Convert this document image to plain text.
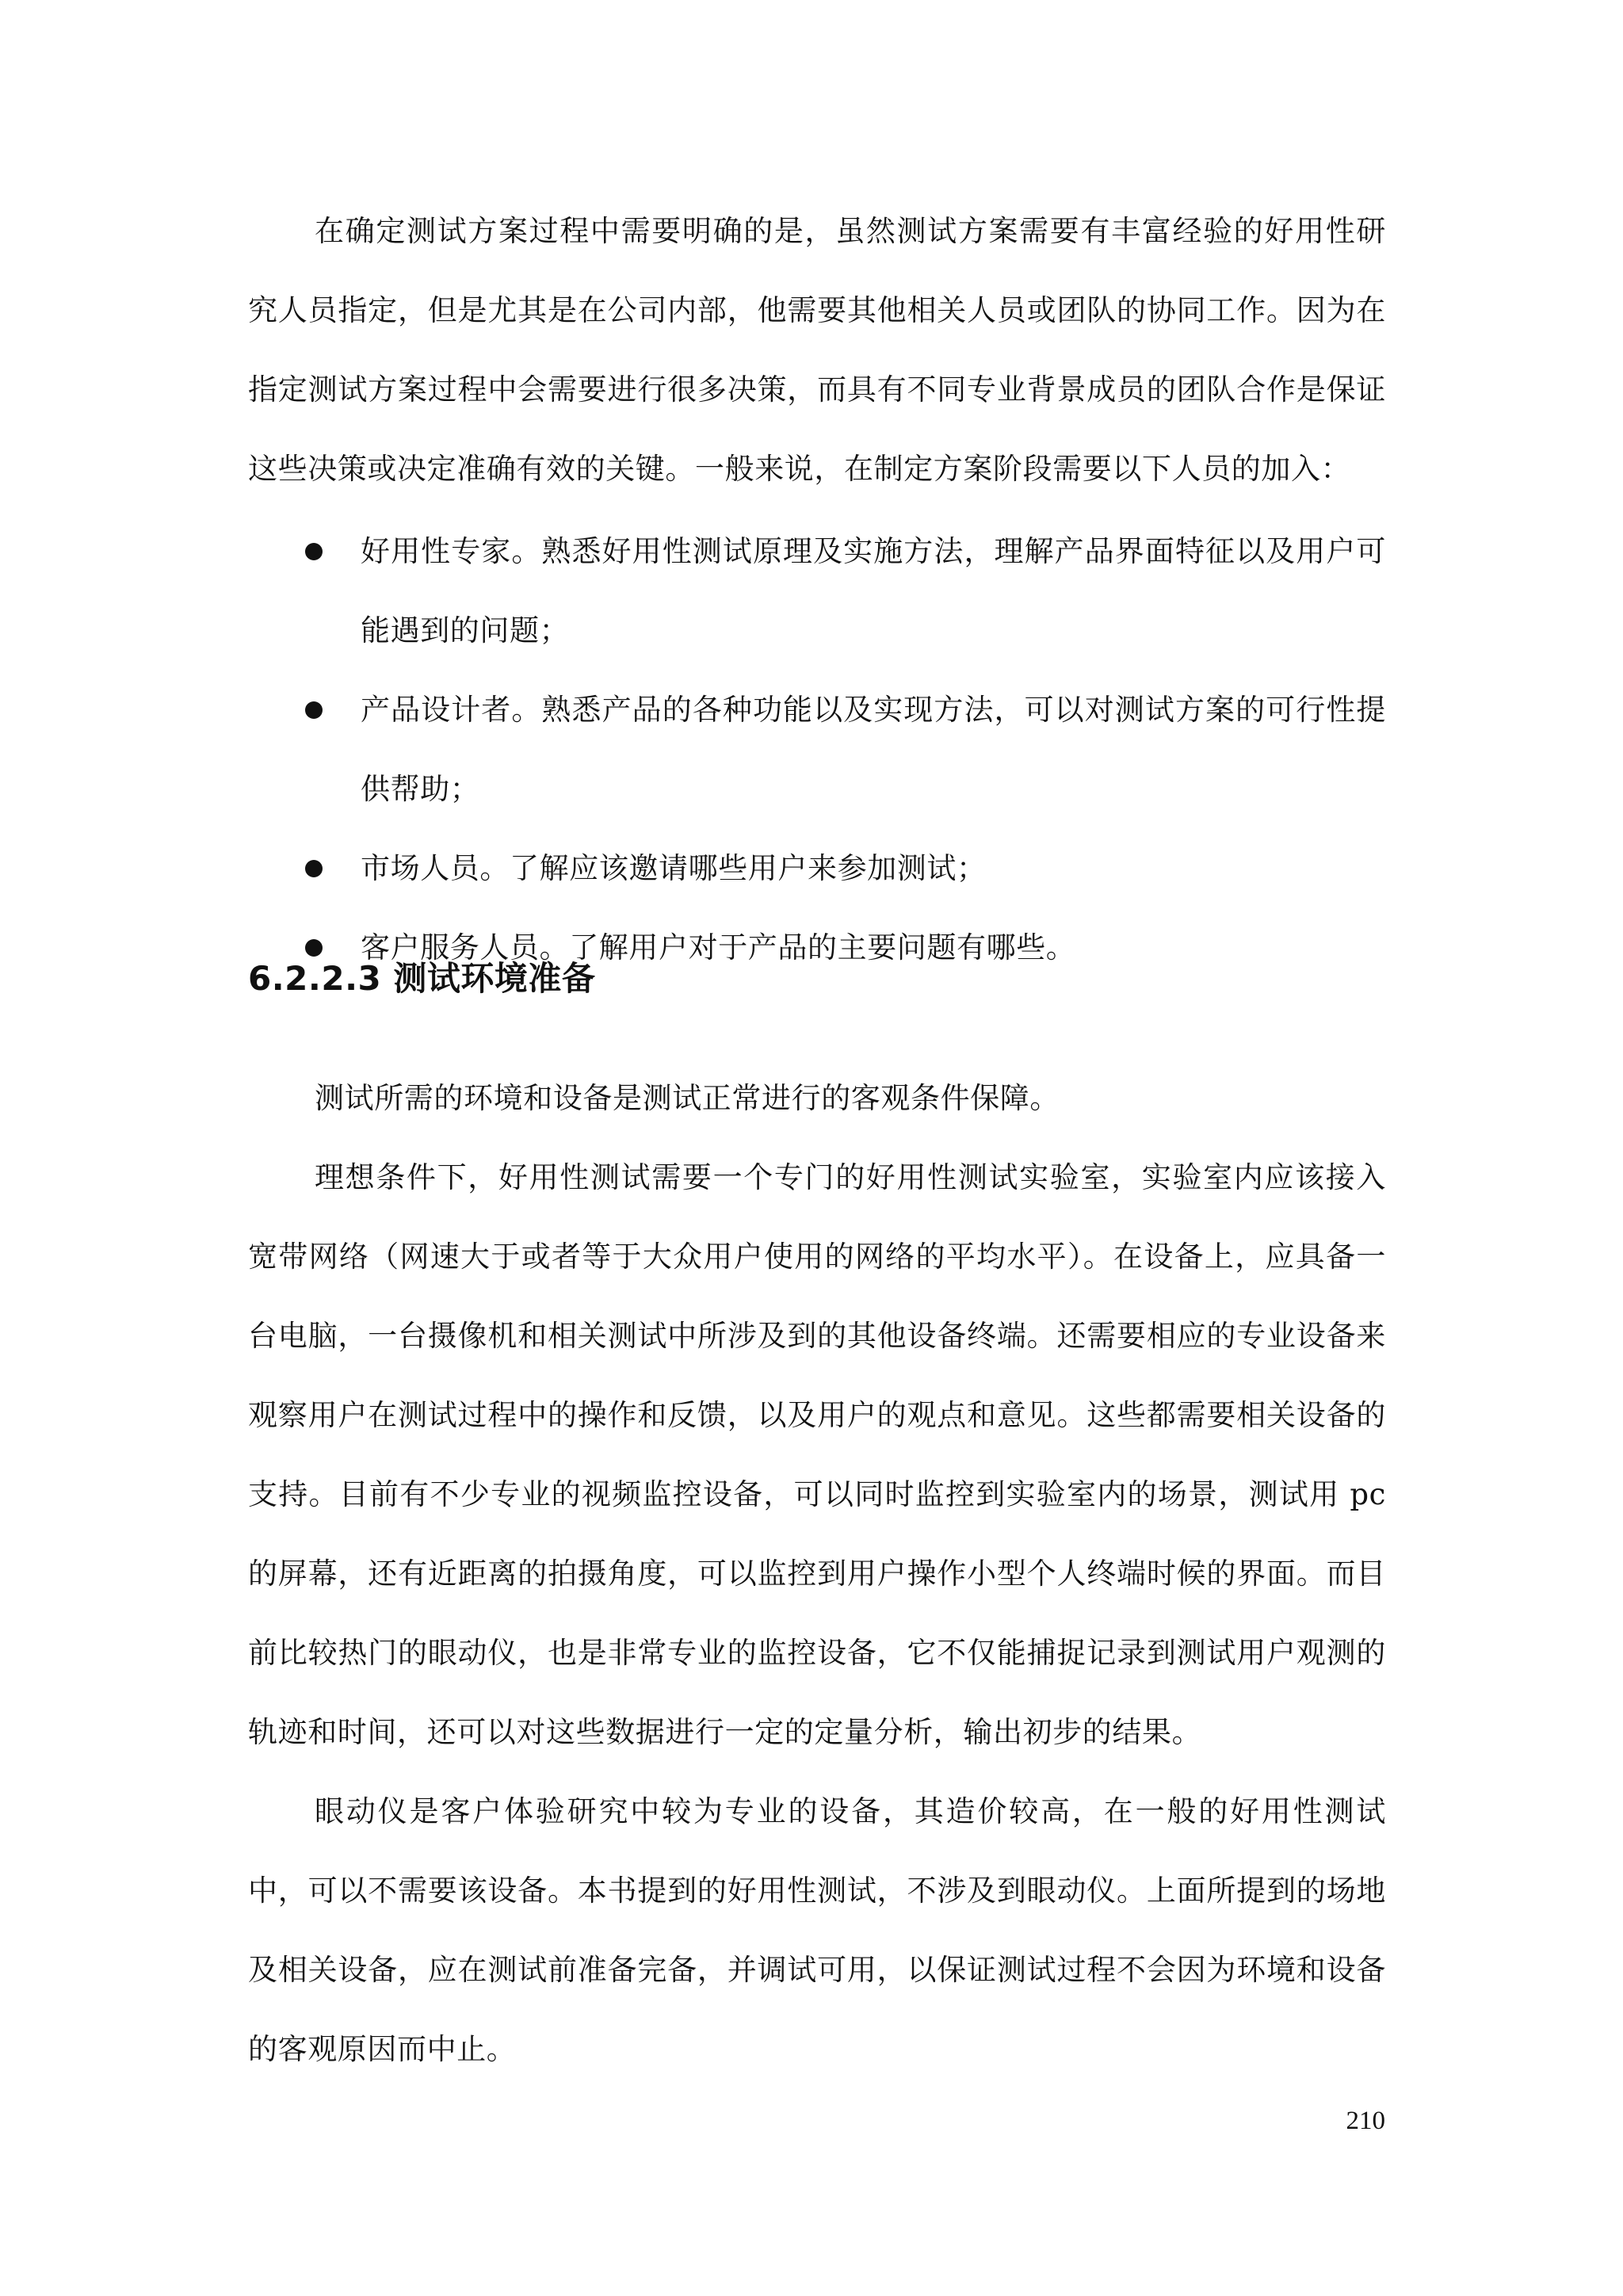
在确定测试方案过程中需要明确的是，虽然测试方案需要有丰富经验的好用性研究人员指定，但是尤其是在公司内部，他需要其他相关人员或团队的协同工作。因为在指定测试方案过程中会需要进行很多决策，而具有不同专业背景成员的团队合作是保证这些决策或决定准确有效的关键。一般来说，在制定方案阶段需要以下人员的加入：

好用性专家。熟悉好用性测试原理及实施方法，理解产品界面特征以及用户可能遇到的问题；
产品设计者。熟悉产品的各种功能以及实现方法，可以对测试方案的可行性提供帮助；
市场人员。了解应该邀请哪些用户来参加测试；
客户服务人员。了解用户对于产品的主要问题有哪些。
6.2.2.3 测试环境准备

测试所需的环境和设备是测试正常进行的客观条件保障。

理想条件下，好用性测试需要一个专门的好用性测试实验室，实验室内应该接入宽带网络（网速大于或者等于大众用户使用的网络的平均水平）。在设备上，应具备一台电脑，一台摄像机和相关测试中所涉及到的其他设备终端。还需要相应的专业设备来观察用户在测试过程中的操作和反馈，以及用户的观点和意见。这些都需要相关设备的支持。目前有不少专业的视频监控设备，可以同时监控到实验室内的场景，测试用 pc 的屏幕，还有近距离的拍摄角度，可以监控到用户操作小型个人终端时候的界面。而目前比较热门的眼动仪，也是非常专业的监控设备，它不仅能捕捉记录到测试用户观测的轨迹和时间，还可以对这些数据进行一定的定量分析，输出初步的结果。

眼动仪是客户体验研究中较为专业的设备，其造价较高，在一般的好用性测试中，可以不需要该设备。本书提到的好用性测试，不涉及到眼动仪。上面所提到的场地及相关设备，应在测试前准备完备，并调试可用，以保证测试过程不会因为环境和设备的客观原因而中止。

210
